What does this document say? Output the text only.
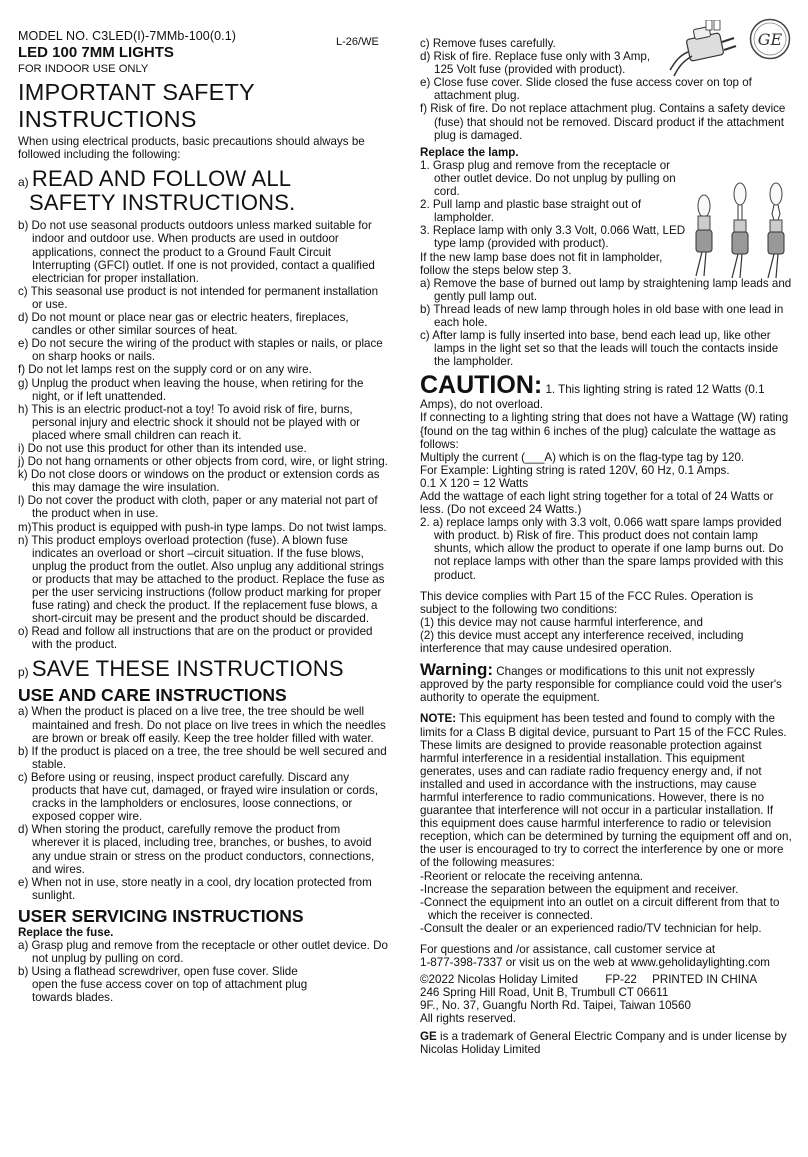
MODEL NO. C3LED(I)-7MMb-100(0.1)	L-26/WE
LED 100 7MM LIGHTS
FOR INDOOR USE ONLY
IMPORTANT SAFETY INSTRUCTIONS
When using electrical products, basic precautions should always be followed including the following:
a) READ AND FOLLOW ALL
SAFETY INSTRUCTIONS.

b) Do not use seasonal products outdoors unless marked suitable for indoor and outdoor use. When products are used in outdoor applications, connect the product to a Ground Fault Circuit Interrupting (GFCI) outlet. If one is not provided, contact a qualified electrician for proper installation.

c) This seasonal use product is not intended for permanent installation or use.

d) Do not mount or place near gas or electric heaters, fireplaces, candles or other similar sources of heat.

e) Do not secure the wiring of the product with staples or nails, or place on sharp hooks or nails.

f) Do not let lamps rest on the supply cord or on any wire.

g) Unplug the product when leaving the house, when retiring for the night, or if left unattended.

h) This is an electric product-not a toy! To avoid risk of fire, burns, personal injury and electric shock it should not be played with or placed where small children can reach it.

i) Do not use this product for other than its intended use.

j) Do not hang ornaments or other objects from cord, wire, or light string.

k) Do not close doors or windows on the product or extension cords as this may damage the wire insulation.

l) Do not cover the product with cloth, paper or any material not part of the product when in use.

m)This product is equipped with push-in type lamps. Do not twist lamps.

n) This product employs overload protection (fuse). A blown fuse indicates an overload or short –circuit situation. If the fuse blows, unplug the product from the outlet. Also unplug any additional strings or products that may be attached to the product. Replace the fuse as per the user servicing instructions (follow product marking for proper fuse rating) and check the product. If the replacement fuse blows, a short-circuit may be present and the product should be discarded.

o) Read and follow all instructions that are on the product or provided with the product.

p) SAVE THESE INSTRUCTIONS
USE AND CARE INSTRUCTIONS

a) When the product is placed on a live tree, the tree should be well maintained and fresh. Do not place on live trees in which the needles are brown or break off easily. Keep the tree holder filled with water.

b) If the product is placed on a tree, the tree should be well secured and stable.

c) Before using or reusing, inspect product carefully. Discard any products that have cut, damaged, or frayed wire insulation or cords, cracks in the lampholders or enclosures, loose connections, or exposed copper wire.

d) When storing the product, carefully remove the product from wherever it is placed, including tree, branches, or bushes, to avoid any undue strain or stress on the product conductors, connections, and wires.

e) When not in use, store neatly in a cool, dry location protected from sunlight.

USER SERVICING INSTRUCTIONS

Replace the fuse.

a) Grasp plug and remove from the receptacle or other outlet device. Do not unplug by pulling on cord.

b) Using a flathead screwdriver, open fuse cover. Slide open the fuse access cover on top of attachment plug towards blades.

c) Remove fuses carefully.

d) Risk of fire. Replace fuse only with 3 Amp, 125 Volt fuse (provided with product).

e) Close fuse cover. Slide closed the fuse access cover on top of attachment plug.

f) Risk of fire. Do not replace attachment plug. Contains a safety device (fuse) that should not be removed. Discard product if the attachment plug is damaged.

Replace the lamp.

1. Grasp plug and remove from the receptacle or other outlet device. Do not unplug by pulling on cord.

2. Pull lamp and plastic base straight out of lampholder.

3. Replace lamp with only 3.3 Volt, 0.066 Watt, LED type lamp (provided with product).

If the new lamp base does not fit in lampholder, follow the steps below step 3.

a) Remove the base of burned out lamp by straightening lamp leads and gently pull lamp out.

b) Thread leads of new lamp through holes in old base with one lead in each hole.

c) After lamp is fully inserted into base, bend each lead up, like other lamps in the light set so that the leads will touch the contacts inside the lampholder.

CAUTION: 1. This lighting string is rated 12 Watts (0.1 Amps), do not overload.

If connecting to a lighting string that does not have a Wattage (W) rating {found on the tag within 6 inches of the plug} calculate the wattage as follows:

Multiply the current (___A) which is on the flag-type tag by 120.

For Example: Lighting string is rated 120V, 60 Hz, 0.1 Amps.

0.1 X 120 = 12 Watts

Add the wattage of each light string together for a total of 24 Watts or less. (Do not exceed 24 Watts.)

2. a) replace lamps only with 3.3 volt, 0.066 watt spare lamps provided with product. b) Risk of fire. This product does not contain lamp shunts, which allow the product to operate if one lamp burns out. Do not replace lamps with other than the spare lamps provided with this product.

This device complies with Part 15 of the FCC Rules. Operation is subject to the following two conditions:

(1) this device may not cause harmful interference, and

(2) this device must accept any interference received, including interference that may cause undesired operation.

Warning: Changes or modifications to this unit not expressly approved by the party responsible for compliance could void the user's authority to operate the equipment.
NOTE: This equipment has been tested and found to comply with the limits for a Class B digital device, pursuant to Part 15 of the FCC Rules. These limits are designed to provide reasonable protection against harmful interference in a residential installation. This equipment generates, uses and can radiate radio frequency energy and, if not installed and used in accordance with the instructions, may cause harmful interference to radio communications. However, there is no guarantee that interference will not occur in a particular installation. If this equipment does cause harmful interference to radio or television reception, which can be determined by turning the equipment off and on, the user is encouraged to try to correct the interference by one or more of the following measures:

-Reorient or relocate the receiving antenna.

-Increase the separation between the equipment and receiver.

-Connect the equipment into an outlet on a circuit different from that to which the receiver is connected.

-Consult the dealer or an experienced radio/TV technician for help.

For questions and /or assistance, call customer service at

1-877-398-7337 or visit us on the web at www.geholidaylighting.com

©2022 Nicolas Holiday Limited FP-22 PRINTED IN CHINA

246 Spring Hill Road, Unit B, Trumbull CT 06611

9F., No. 37, Guangfu North Rd. Taipei, Taiwan 10560

All rights reserved.

GE is a trademark of General Electric Company and is under license by Nicolas Holiday Limited

GE
